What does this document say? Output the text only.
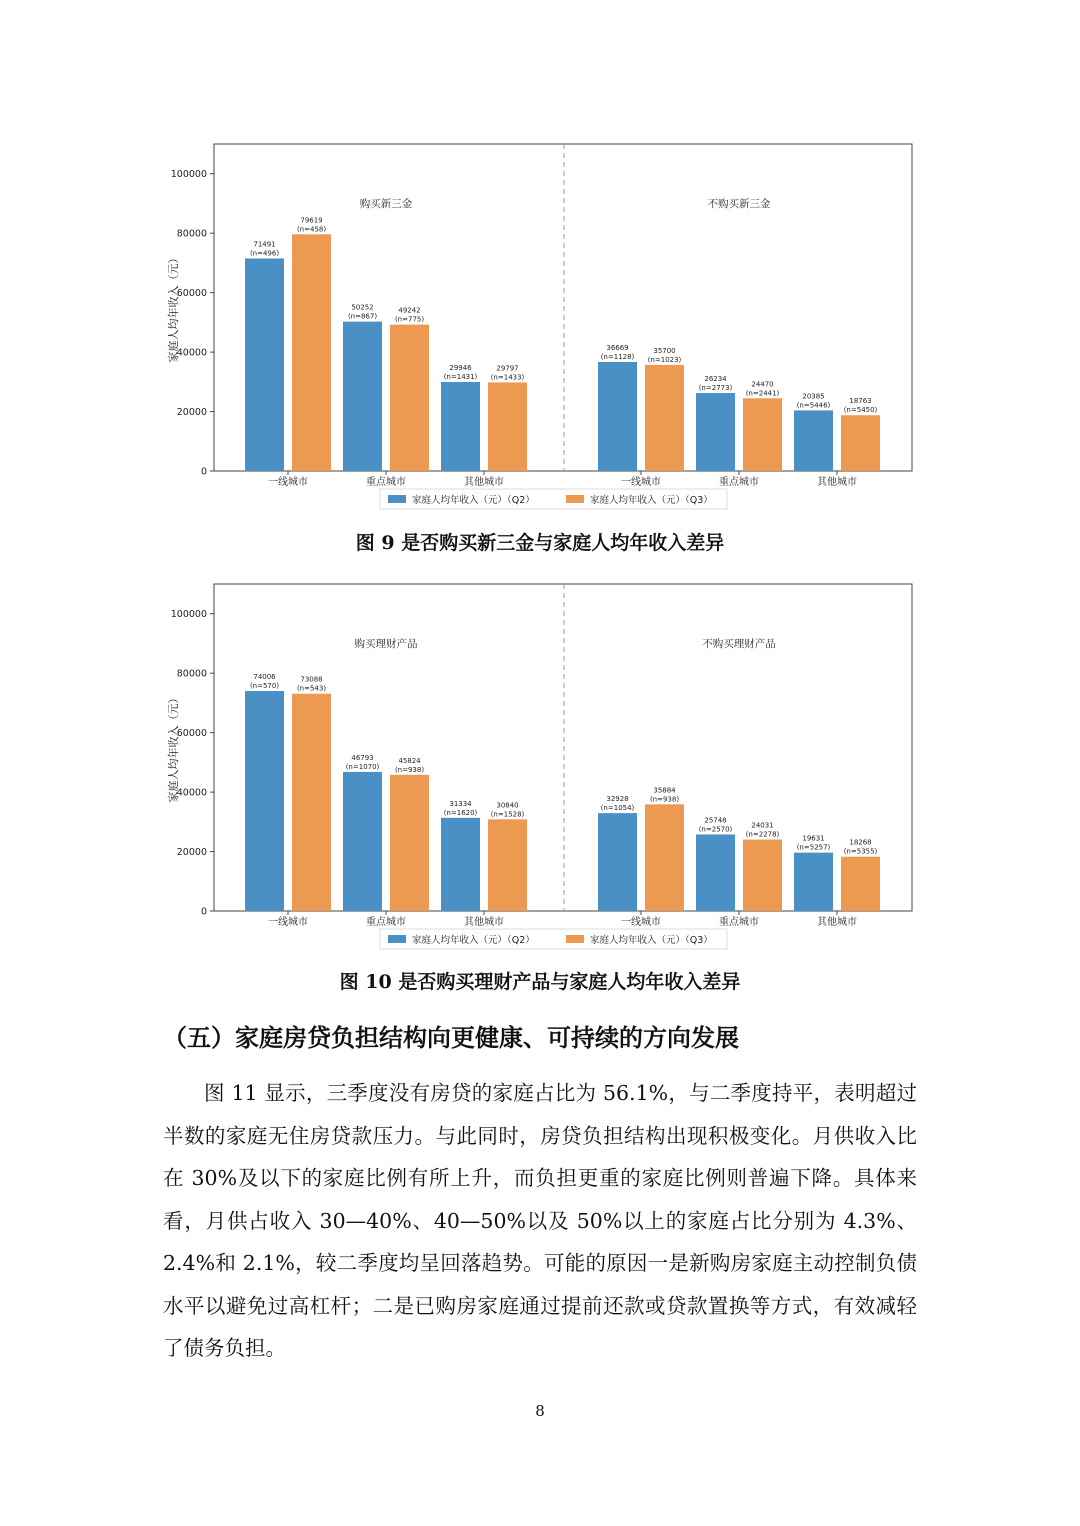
0
20000
40000
60000
80000
100000
家庭人均年收入（元）
购买新三金
71491
(n=496)
79619
(n=458)
一线城市
50252
(n=867)
49242
(n=775)
重点城市
29946
(n=1431)
29797
(n=1433)
其他城市
不购买新三金
36669
(n=1128)
35700
(n=1023)
一线城市
26234
(n=2773)	24470
(n=2441)
重点城市
20385
(n=5446)
18763
(n=5450)
其他城市
家庭人均年收入（元）（Q2）	家庭人均年收入（元）（Q3）
图 9 是否购买新三金与家庭人均年收入差异
0
20000
40000
60000
80000
100000
家庭人均年收入（元）
购买理财产品
74006
(n=570)
73088
(n=543)
一线城市
46793
(n=1070)
45824
(n=938)
重点城市
31334
(n=1620)
30840
(n=1528)
其他城市
不购买理财产品
32928
(n=1054)
35884
(n=938)
一线城市
25748
(n=2570)	24031
(n=2278)
重点城市
19631
(n=5257)
18268
(n=5355)
其他城市
家庭人均年收入（元）（Q2）	家庭人均年收入（元）（Q3）
图 10 是否购买理财产品与家庭人均年收入差异
（五）家庭房贷负担结构向更健康、可持续的方向发展

图 11 显示，三季度没有房贷的家庭占比为 56.1%，与二季度持平，表明超过半数的家庭无住房贷款压力。与此同时，房贷负担结构出现积极变化。月供收入比在 30%及以下的家庭比例有所上升，而负担更重的家庭比例则普遍下降。具体来看，月供占收入 30—40%、40—50%以及 50%以上的家庭占比分别为 4.3%、2.4%和 2.1%，较二季度均呈回落趋势。可能的原因一是新购房家庭主动控制负债水平以避免过高杠杆；二是已购房家庭通过提前还款或贷款置换等方式，有效减轻了债务负担。

8
